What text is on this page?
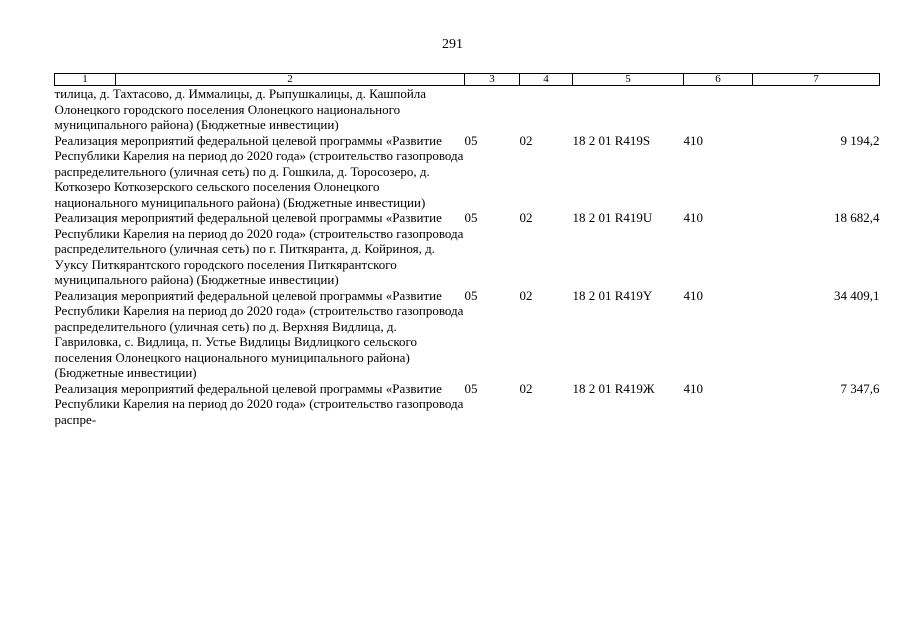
291
1	2	3	4	5	6	7
тилица, д. Тахтасово, д. Иммалицы, д. Рыпушкалицы, д. Кашпойла Олонецкого городского поселения Олонецкого национального муниципального района) (Бюджетные инвестиции)						
Реализация мероприятий федеральной целевой программы «Развитие Республики Карелия на период до 2020 года» (строительство газопровода распределительного (уличная сеть) по д. Гошкила, д. Торосозеро, д. Коткозеро Коткозерского сельского поселения Олонецкого национального муниципального района) (Бюджетные инвестиции)		05	02	18 2 01 R419S	410	9 194,2
Реализация мероприятий федеральной целевой программы «Развитие Республики Карелия на период до 2020 года» (строительство газопровода распределительного (уличная сеть) по г. Питкяранта, д. Койриноя, д. Ууксу Питкярантского городского поселения Питкярантского муниципального района) (Бюджетные инвестиции)		05	02	18 2 01 R419U	410	18 682,4
Реализация мероприятий федеральной целевой программы «Развитие Республики Карелия на период до 2020 года» (строительство газопровода распределительного (уличная сеть) по д. Верхняя Видлица, д. Гавриловка, с. Видлица, п. Устье Видлицы Видлицкого сельского поселения Олонецкого национального муниципального района) (Бюджетные инвестиции)		05	02	18 2 01 R419Y	410	34 409,1
Реализация мероприятий федеральной целевой программы «Развитие Республики Карелия на период до 2020 года» (строительство газопровода распре-		05	02	18 2 01 R419Ж	410	7 347,6
